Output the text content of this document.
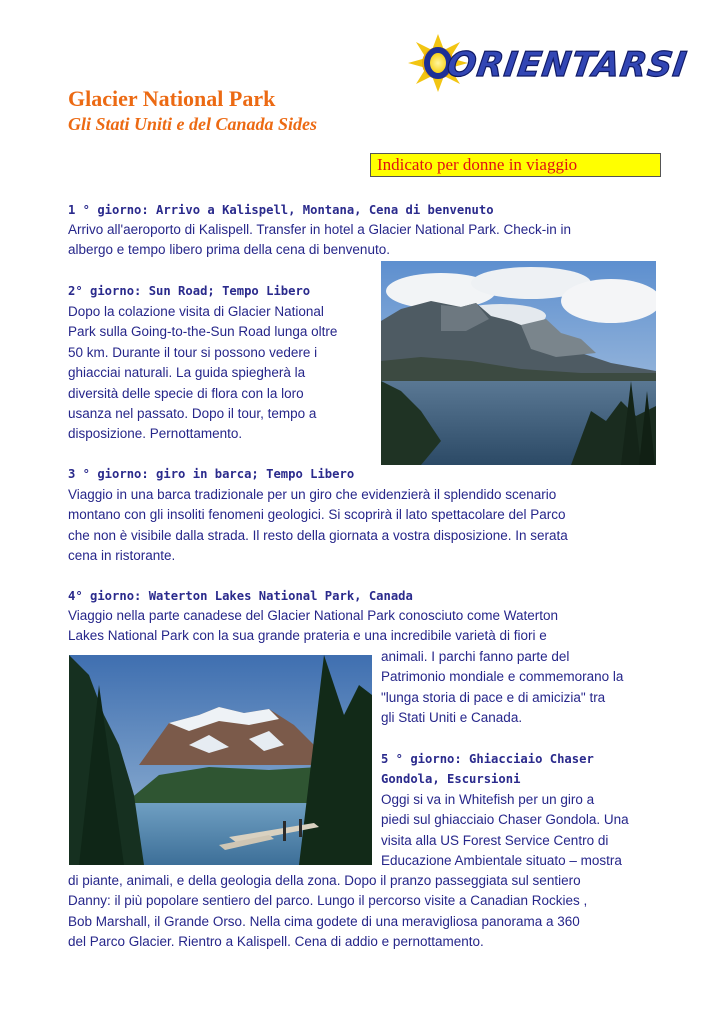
ORIENTARSI
Glacier National Park
Gli Stati Uniti e del Canada Sides
Indicato per donne in viaggio
1 ° giorno: Arrivo a Kalispell, Montana, Cena di benvenuto
Arrivo all'aeroporto di Kalispell. Transfer in hotel a Glacier National Park. Check-in in
albergo e tempo libero prima della cena di benvenuto.
2° giorno: Sun Road; Tempo Libero
Dopo la colazione visita di Glacier National
Park sulla Going-to-the-Sun Road lunga oltre
50 km. Durante il tour si possono vedere i
ghiacciai naturali. La guida spiegherà la
diversità delle specie di flora con la loro
usanza nel passato. Dopo il tour, tempo a
disposizione. Pernottamento.
3 ° giorno: giro in barca; Tempo Libero
Viaggio in una barca tradizionale per un giro che evidenzierà il splendido scenario
montano con gli insoliti fenomeni geologici. Si scoprirà il lato spettacolare del Parco
che non è visibile dalla strada. Il resto della giornata a vostra disposizione. In serata
cena in ristorante.
4° giorno: Waterton Lakes National Park, Canada
Viaggio nella parte canadese del Glacier National Park conosciuto come Waterton
Lakes National Park con la sua grande prateria e una incredibile varietà di fiori e
animali. I parchi fanno parte del
Patrimonio mondiale e commemorano la
"lunga storia di pace e di amicizia" tra
gli Stati Uniti e Canada.
5 ° giorno: Ghiacciaio Chaser
Gondola, Escursioni
Oggi si va in Whitefish per un giro a
piedi sul ghiacciaio Chaser Gondola. Una
visita alla US Forest Service Centro di
Educazione Ambientale situato – mostra
di piante, animali, e della geologia della zona. Dopo il pranzo passeggiata sul sentiero
Danny: il più popolare sentiero del parco. Lungo il percorso visite a Canadian Rockies ,
Bob Marshall, il Grande Orso. Nella cima godete di una meravigliosa panorama a 360
del Parco Glacier. Rientro a Kalispell. Cena di addio e pernottamento.
